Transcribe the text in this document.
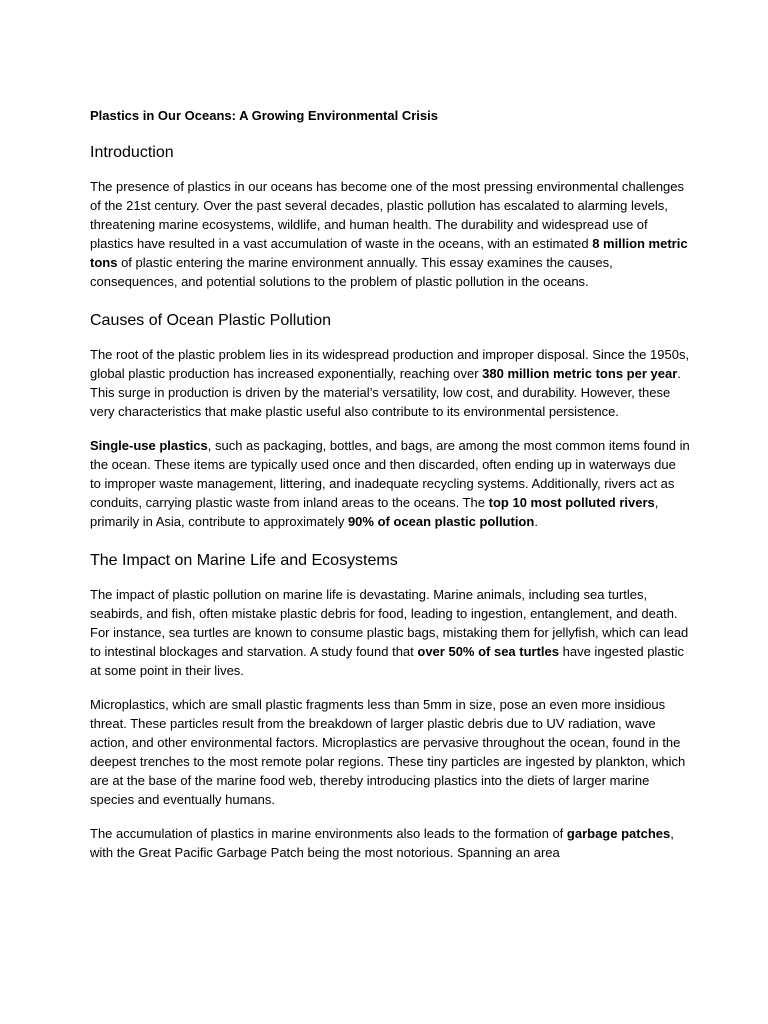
Plastics in Our Oceans: A Growing Environmental Crisis
Introduction

The presence of plastics in our oceans has become one of the most pressing environmental challenges of the 21st century. Over the past several decades, plastic pollution has escalated to alarming levels, threatening marine ecosystems, wildlife, and human health. The durability and widespread use of plastics have resulted in a vast accumulation of waste in the oceans, with an estimated 8 million metric tons of plastic entering the marine environment annually. This essay examines the causes, consequences, and potential solutions to the problem of plastic pollution in the oceans.

Causes of Ocean Plastic Pollution

The root of the plastic problem lies in its widespread production and improper disposal. Since the 1950s, global plastic production has increased exponentially, reaching over 380 million metric tons per year. This surge in production is driven by the material’s versatility, low cost, and durability. However, these very characteristics that make plastic useful also contribute to its environmental persistence.

Single-use plastics, such as packaging, bottles, and bags, are among the most common items found in the ocean. These items are typically used once and then discarded, often ending up in waterways due to improper waste management, littering, and inadequate recycling systems. Additionally, rivers act as conduits, carrying plastic waste from inland areas to the oceans. The top 10 most polluted rivers, primarily in Asia, contribute to approximately 90% of ocean plastic pollution.

The Impact on Marine Life and Ecosystems

The impact of plastic pollution on marine life is devastating. Marine animals, including sea turtles, seabirds, and fish, often mistake plastic debris for food, leading to ingestion, entanglement, and death. For instance, sea turtles are known to consume plastic bags, mistaking them for jellyfish, which can lead to intestinal blockages and starvation. A study found that over 50% of sea turtles have ingested plastic at some point in their lives.

Microplastics, which are small plastic fragments less than 5mm in size, pose an even more insidious threat. These particles result from the breakdown of larger plastic debris due to UV radiation, wave action, and other environmental factors. Microplastics are pervasive throughout the ocean, found in the deepest trenches to the most remote polar regions. These tiny particles are ingested by plankton, which are at the base of the marine food web, thereby introducing plastics into the diets of larger marine species and eventually humans.

The accumulation of plastics in marine environments also leads to the formation of garbage patches, with the Great Pacific Garbage Patch being the most notorious. Spanning an area
